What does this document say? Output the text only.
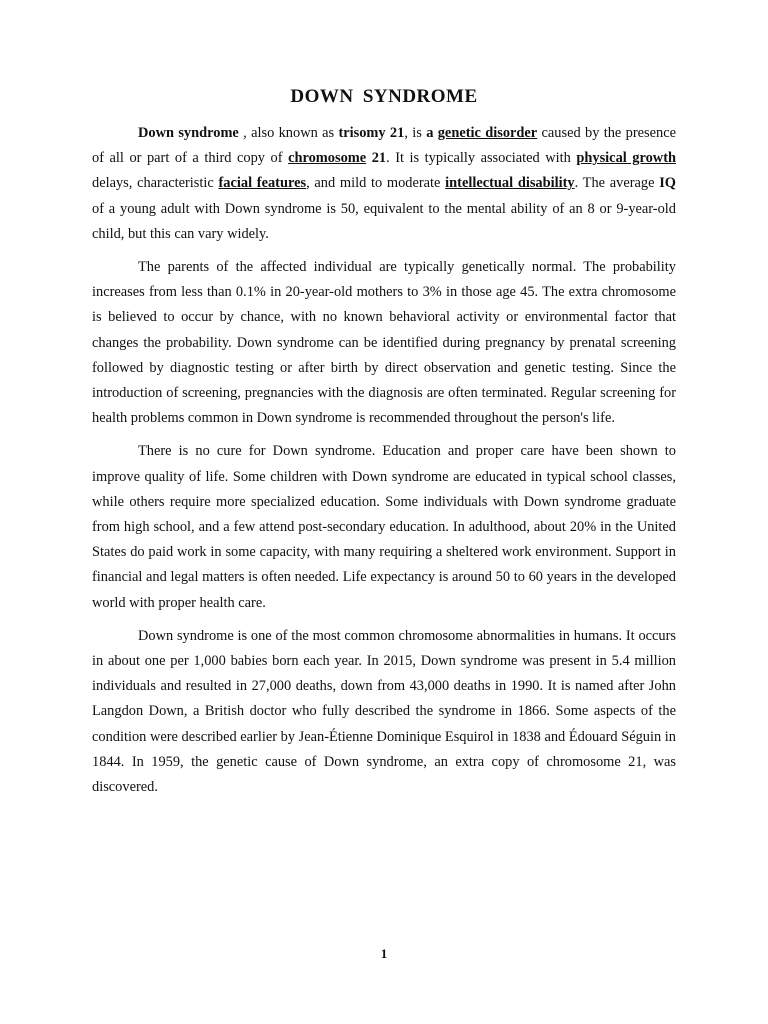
DOWN SYNDROME

Down syndrome , also known as trisomy 21, is a genetic disorder caused by the presence of all or part of a third copy of chromosome 21. It is typically associated with physical growth delays, characteristic facial features, and mild to moderate intellectual disability. The average IQ of a young adult with Down syndrome is 50, equivalent to the mental ability of an 8 or 9-year-old child, but this can vary widely.

The parents of the affected individual are typically genetically normal. The probability increases from less than 0.1% in 20-year-old mothers to 3% in those age 45. The extra chromosome is believed to occur by chance, with no known behavioral activity or environmental factor that changes the probability. Down syndrome can be identified during pregnancy by prenatal screening followed by diagnostic testing or after birth by direct observation and genetic testing. Since the introduction of screening, pregnancies with the diagnosis are often terminated. Regular screening for health problems common in Down syndrome is recommended throughout the person's life.

There is no cure for Down syndrome. Education and proper care have been shown to improve quality of life. Some children with Down syndrome are educated in typical school classes, while others require more specialized education. Some individuals with Down syndrome graduate from high school, and a few attend post-secondary education. In adulthood, about 20% in the United States do paid work in some capacity, with many requiring a sheltered work environment. Support in financial and legal matters is often needed. Life expectancy is around 50 to 60 years in the developed world with proper health care.

Down syndrome is one of the most common chromosome abnormalities in humans. It occurs in about one per 1,000 babies born each year. In 2015, Down syndrome was present in 5.4 million individuals and resulted in 27,000 deaths, down from 43,000 deaths in 1990. It is named after John Langdon Down, a British doctor who fully described the syndrome in 1866. Some aspects of the condition were described earlier by Jean-Étienne Dominique Esquirol in 1838 and Édouard Séguin in 1844. In 1959, the genetic cause of Down syndrome, an extra copy of chromosome 21, was discovered.

1
